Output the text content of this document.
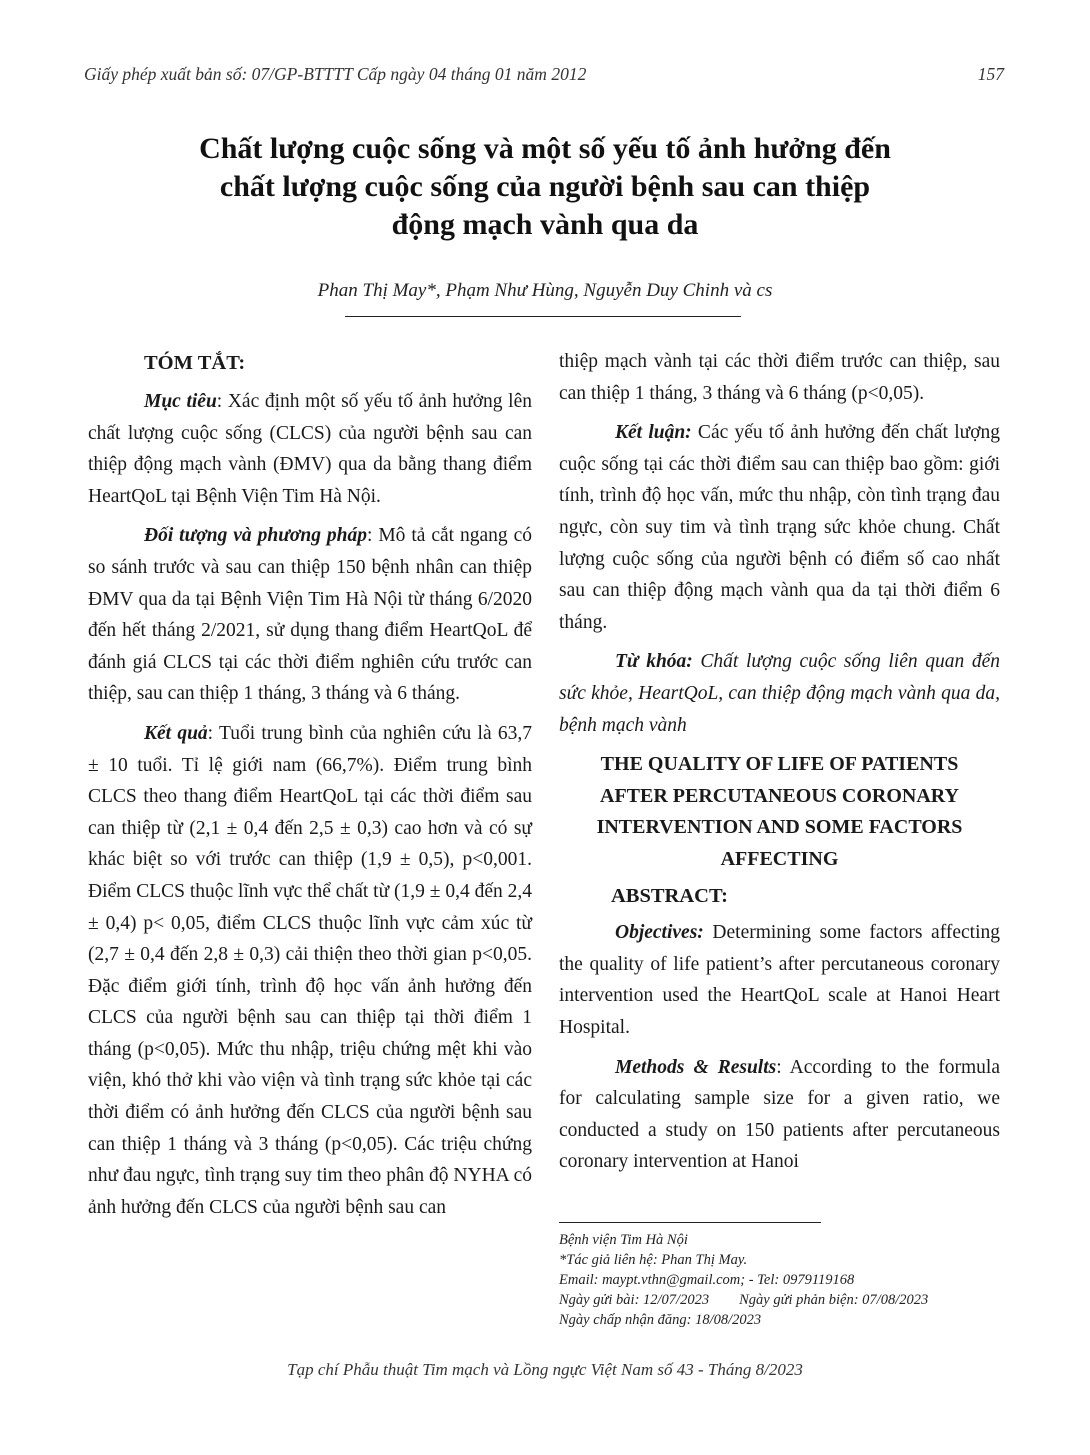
Giấy phép xuất bản số: 07/GP-BTTTT Cấp ngày 04 tháng 01 năm 2012	157
Chất lượng cuộc sống và một số yếu tố ảnh hưởng đến
chất lượng cuộc sống của người bệnh sau can thiệp
động mạch vành qua da
Phan Thị May*, Phạm Như Hùng, Nguyễn Duy Chinh và cs
TÓM TẮT:

Mục tiêu: Xác định một số yếu tố ảnh hưởng lên chất lượng cuộc sống (CLCS) của người bệnh sau can thiệp động mạch vành (ĐMV) qua da bằng thang điểm HeartQoL tại Bệnh Viện Tim Hà Nội.

Đối tượng và phương pháp: Mô tả cắt ngang có so sánh trước và sau can thiệp 150 bệnh nhân can thiệp ĐMV qua da tại Bệnh Viện Tim Hà Nội từ tháng 6/2020 đến hết tháng 2/2021, sử dụng thang điểm HeartQoL để đánh giá CLCS tại các thời điểm nghiên cứu trước can thiệp, sau can thiệp 1 tháng, 3 tháng và 6 tháng.

Kết quả: Tuổi trung bình của nghiên cứu là 63,7 ± 10 tuổi. Tỉ lệ giới nam (66,7%). Điểm trung bình CLCS theo thang điểm HeartQoL tại các thời điểm sau can thiệp từ (2,1 ± 0,4 đến 2,5 ± 0,3) cao hơn và có sự khác biệt so với trước can thiệp (1,9 ± 0,5), p<0,001. Điểm CLCS thuộc lĩnh vực thể chất từ (1,9 ± 0,4 đến 2,4 ± 0,4) p< 0,05, điểm CLCS thuộc lĩnh vực cảm xúc từ (2,7 ± 0,4 đến 2,8 ± 0,3) cải thiện theo thời gian p<0,05. Đặc điểm giới tính, trình độ học vấn ảnh hưởng đến CLCS của người bệnh sau can thiệp tại thời điểm 1 tháng (p<0,05). Mức thu nhập, triệu chứng mệt khi vào viện, khó thở khi vào viện và tình trạng sức khỏe tại các thời điểm có ảnh hưởng đến CLCS của người bệnh sau can thiệp 1 tháng và 3 tháng (p<0,05). Các triệu chứng như đau ngực, tình trạng suy tim theo phân độ NYHA có ảnh hưởng đến CLCS của người bệnh sau can

thiệp mạch vành tại các thời điểm trước can thiệp, sau can thiệp 1 tháng, 3 tháng và 6 tháng (p<0,05).

Kết luận: Các yếu tố ảnh hưởng đến chất lượng cuộc sống tại các thời điểm sau can thiệp bao gồm: giới tính, trình độ học vấn, mức thu nhập, còn tình trạng đau ngực, còn suy tim và tình trạng sức khỏe chung. Chất lượng cuộc sống của người bệnh có điểm số cao nhất sau can thiệp động mạch vành qua da tại thời điểm 6 tháng.

Từ khóa: Chất lượng cuộc sống liên quan đến sức khỏe, HeartQoL, can thiệp động mạch vành qua da, bệnh mạch vành

THE QUALITY OF LIFE OF PATIENTS
AFTER PERCUTANEOUS CORONARY
INTERVENTION AND SOME FACTORS
AFFECTING
ABSTRACT:

Objectives: Determining some factors affecting the quality of life patient’s after percutaneous coronary intervention used the HeartQoL scale at Hanoi Heart Hospital.

Methods & Results: According to the formula for calculating sample size for a given ratio, we conducted a study on 150 patients after percutaneous coronary intervention at Hanoi

Bệnh viện Tim Hà Nội
*Tác giả liên hệ: Phan Thị May.
Email: maypt.vthn@gmail.com; - Tel: 0979119168
Ngày gửi bài: 12/07/2023 Ngày gửi phản biện: 07/08/2023
Ngày chấp nhận đăng: 18/08/2023
Tạp chí Phẫu thuật Tim mạch và Lồng ngực Việt Nam số 43 - Tháng 8/2023
